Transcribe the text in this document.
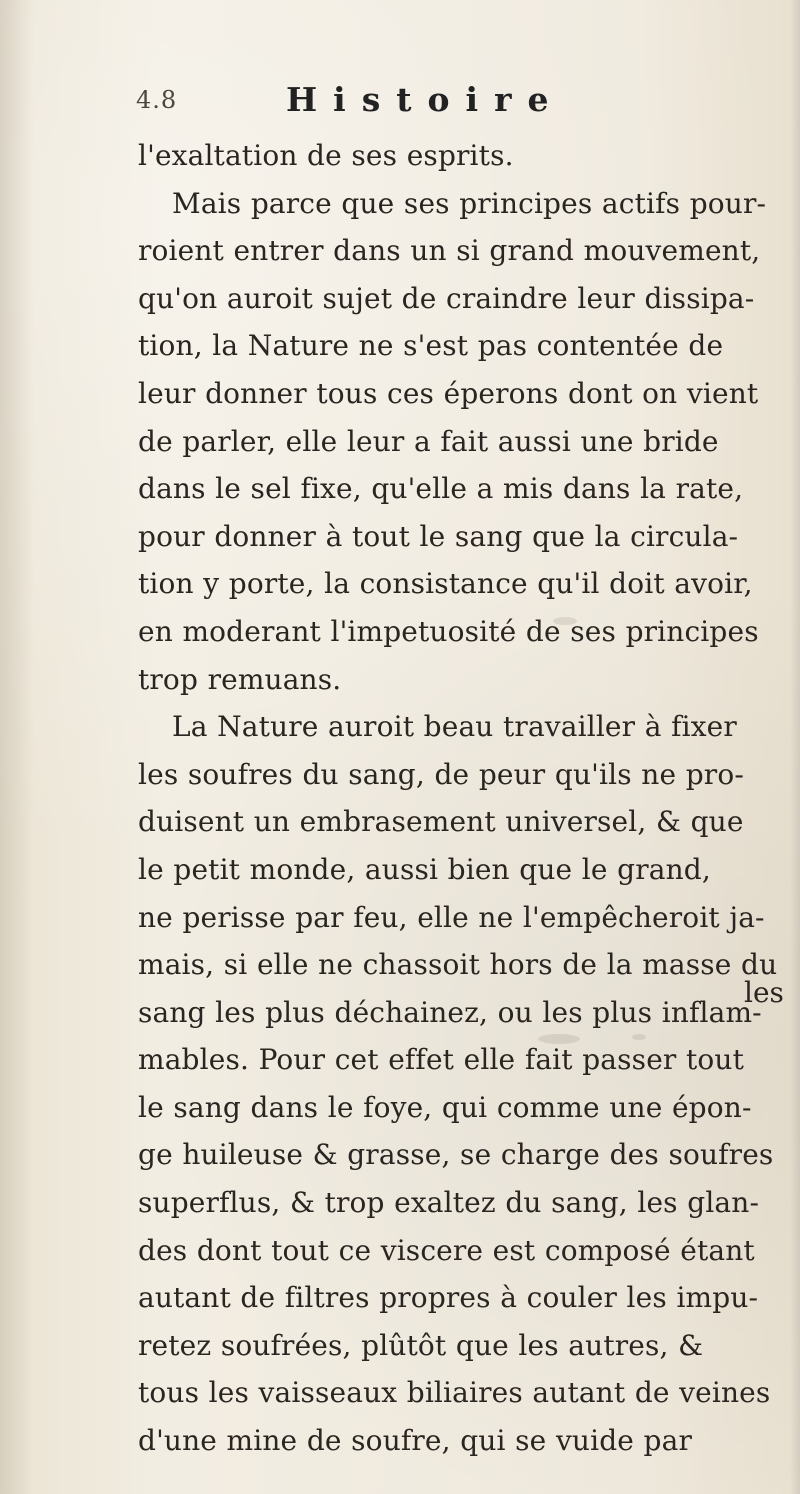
4.8	Histoire
l'exaltation de ses esprits.
Mais parce que ses principes actifs pour-
roient entrer dans un si grand mouvement,
qu'on auroit sujet de craindre leur dissipa-
tion, la Nature ne s'est pas contentée de
leur donner tous ces éperons dont on vient
de parler, elle leur a fait aussi une bride
dans le sel fixe, qu'elle a mis dans la rate,
pour donner à tout le sang que la circula-
tion y porte, la consistance qu'il doit avoir,
en moderant l'impetuosité de ses principes
trop remuans.
La Nature auroit beau travailler à fixer
les soufres du sang, de peur qu'ils ne pro-
duisent un embrasement universel, & que
le petit monde, aussi bien que le grand,
ne perisse par feu, elle ne l'empêcheroit ja-
mais, si elle ne chassoit hors de la masse du
sang les plus déchainez, ou les plus inflam-
mables. Pour cet effet elle fait passer tout
le sang dans le foye, qui comme une épon-
ge huileuse & grasse, se charge des soufres
superflus, & trop exaltez du sang, les glan-
des dont tout ce viscere est composé étant
autant de filtres propres à couler les impu-
retez soufrées, plûtôt que les autres, &
tous les vaisseaux biliaires autant de veines
d'une mine de soufre, qui se vuide par
les
